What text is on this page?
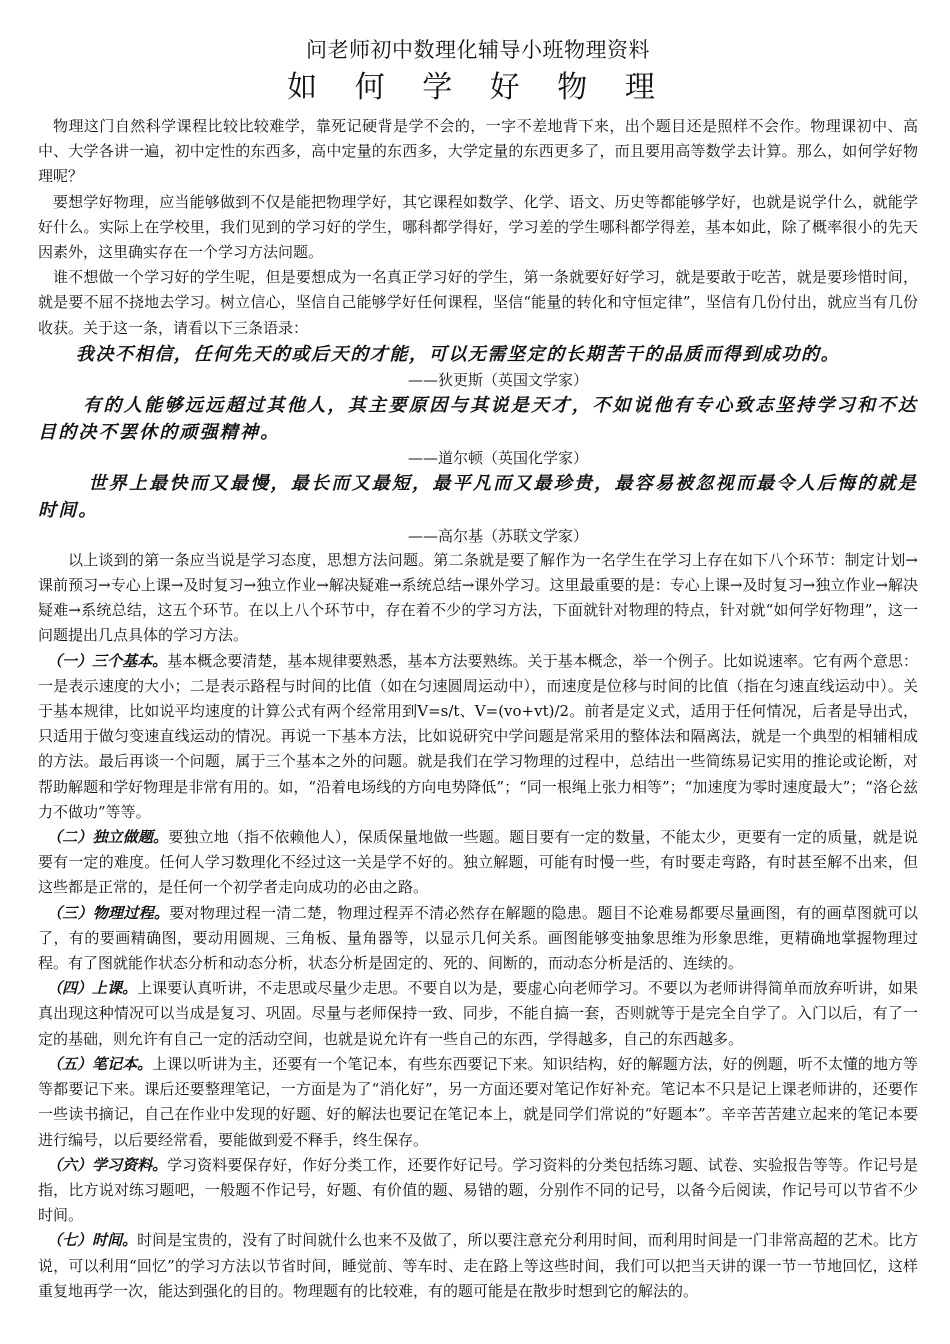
问老师初中数理化辅导小班物理资料
如 何 学 好 物 理

物理这门自然科学课程比较比较难学，靠死记硬背是学不会的，一字不差地背下来，出个题目还是照样不会作。物理课初中、高中、大学各讲一遍，初中定性的东西多，高中定量的东西多，大学定量的东西更多了，而且要用高等数学去计算。那么，如何学好物理呢？

要想学好物理，应当能够做到不仅是能把物理学好，其它课程如数学、化学、语文、历史等都能够学好，也就是说学什么，就能学好什么。实际上在学校里，我们见到的学习好的学生，哪科都学得好，学习差的学生哪科都学得差，基本如此，除了概率很小的先天因素外，这里确实存在一个学习方法问题。

谁不想做一个学习好的学生呢，但是要想成为一名真正学习好的学生，第一条就要好好学习，就是要敢于吃苦，就是要珍惜时间，就是要不屈不挠地去学习。树立信心，坚信自己能够学好任何课程，坚信“能量的转化和守恒定律”，坚信有几份付出，就应当有几份收获。关于这一条，请看以下三条语录：

我决不相信，任何先天的或后天的才能，可以无需坚定的长期苦干的品质而得到成功的。

——狄更斯（英国文学家）

有的人能够远远超过其他人，其主要原因与其说是天才，不如说他有专心致志坚持学习和不达目的决不罢休的顽强精神。

——道尔顿（英国化学家）

世界上最快而又最慢，最长而又最短，最平凡而又最珍贵，最容易被忽视而最令人后悔的就是时间。

——高尔基（苏联文学家）

以上谈到的第一条应当说是学习态度，思想方法问题。第二条就是要了解作为一名学生在学习上存在如下八个环节：制定计划→课前预习→专心上课→及时复习→独立作业→解决疑难→系统总结→课外学习。这里最重要的是：专心上课→及时复习→独立作业→解决疑难→系统总结，这五个环节。在以上八个环节中，存在着不少的学习方法，下面就针对物理的特点，针对就“如何学好物理”，这一问题提出几点具体的学习方法。

（一）三个基本。基本概念要清楚，基本规律要熟悉，基本方法要熟练。关于基本概念，举一个例子。比如说速率。它有两个意思：一是表示速度的大小；二是表示路程与时间的比值（如在匀速圆周运动中），而速度是位移与时间的比值（指在匀速直线运动中）。关于基本规律，比如说平均速度的计算公式有两个经常用到V=s/t、V=(vo+vt)/2。前者是定义式，适用于任何情况，后者是导出式，只适用于做匀变速直线运动的情况。再说一下基本方法，比如说研究中学问题是常采用的整体法和隔离法，就是一个典型的相辅相成的方法。最后再谈一个问题，属于三个基本之外的问题。就是我们在学习物理的过程中，总结出一些简练易记实用的推论或论断，对帮助解题和学好物理是非常有用的。如，“沿着电场线的方向电势降低”；“同一根绳上张力相等”；“加速度为零时速度最大”；“洛仑兹力不做功”等等。

（二）独立做题。要独立地（指不依赖他人），保质保量地做一些题。题目要有一定的数量，不能太少，更要有一定的质量，就是说要有一定的难度。任何人学习数理化不经过这一关是学不好的。独立解题，可能有时慢一些，有时要走弯路，有时甚至解不出来，但这些都是正常的，是任何一个初学者走向成功的必由之路。

（三）物理过程。要对物理过程一清二楚，物理过程弄不清必然存在解题的隐患。题目不论难易都要尽量画图，有的画草图就可以了，有的要画精确图，要动用圆规、三角板、量角器等，以显示几何关系。画图能够变抽象思维为形象思维，更精确地掌握物理过程。有了图就能作状态分析和动态分析，状态分析是固定的、死的、间断的，而动态分析是活的、连续的。

（四）上课。上课要认真听讲，不走思或尽量少走思。不要自以为是，要虚心向老师学习。不要以为老师讲得简单而放弃听讲，如果真出现这种情况可以当成是复习、巩固。尽量与老师保持一致、同步，不能自搞一套，否则就等于是完全自学了。入门以后，有了一定的基础，则允许有自己一定的活动空间，也就是说允许有一些自己的东西，学得越多，自己的东西越多。

（五）笔记本。上课以听讲为主，还要有一个笔记本，有些东西要记下来。知识结构，好的解题方法，好的例题，听不太懂的地方等等都要记下来。课后还要整理笔记，一方面是为了“消化好”，另一方面还要对笔记作好补充。笔记本不只是记上课老师讲的，还要作一些读书摘记，自己在作业中发现的好题、好的解法也要记在笔记本上，就是同学们常说的“好题本”。辛辛苦苦建立起来的笔记本要进行编号，以后要经常看，要能做到爱不释手，终生保存。

（六）学习资料。学习资料要保存好，作好分类工作，还要作好记号。学习资料的分类包括练习题、试卷、实验报告等等。作记号是指，比方说对练习题吧，一般题不作记号，好题、有价值的题、易错的题，分别作不同的记号，以备今后阅读，作记号可以节省不少时间。

（七）时间。时间是宝贵的，没有了时间就什么也来不及做了，所以要注意充分利用时间，而利用时间是一门非常高超的艺术。比方说，可以利用“回忆”的学习方法以节省时间，睡觉前、等车时、走在路上等这些时间，我们可以把当天讲的课一节一节地回忆，这样重复地再学一次，能达到强化的目的。物理题有的比较难，有的题可能是在散步时想到它的解法的。
